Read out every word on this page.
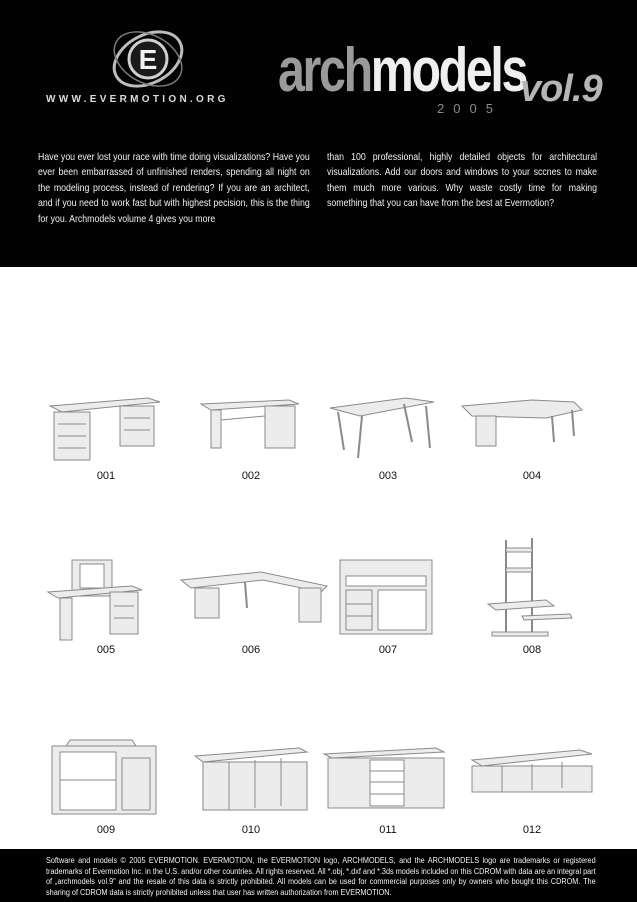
E
WWW.EVERMOTION.ORG archmodels
vol.9
2005
Have you ever lost your race with time doing visualizations? Have you ever been embarrassed of unfinished renders, spending all night on the modeling process, instead of rendering? If you are an architect, and if you need to work fast but with highest pecision, this is the thing for you. Archmodels volume 4 gives you more
than 100 professional, highly detailed objects for architectural visualizations. Add our doors and windows to your sccnes to make them much more various. Why waste costly time for making something that you can have from the best at Evermotion?
001	002	003	004
005	006	007	008
009	010	011	012
Software and models © 2005 EVERMOTION. EVERMOTION, the EVERMOTION logo, ARCHMODELS, and the ARCHMODELS logo are trademarks or registered trademarks of Evermotion Inc. in the U.S. and/or other countries. All rights reserved. All *.obj, *.dxf and *.3ds models included on this CDROM with data are an integral part of „archmodels vol.9" and the resale of this data is strictly prohibited. All models can be used for commercial purposes only by owners who bought this CDROM. The sharing of CDROM data is strictly prohibited unless that user has written authorization from EVERMOTION.
